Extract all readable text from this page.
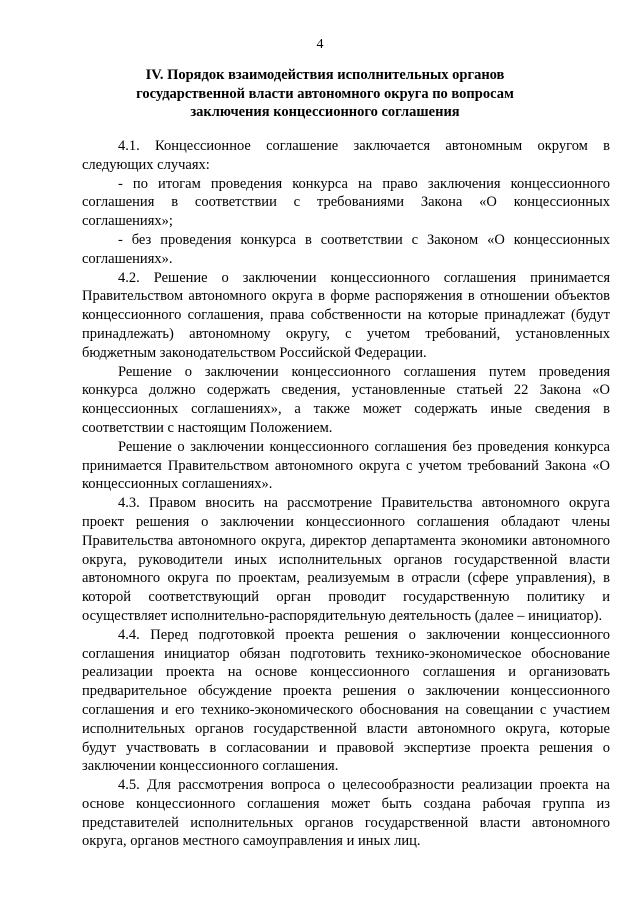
4
IV. Порядок взаимодействия исполнительных органов
государственной власти автономного округа по вопросам
заключения концессионного соглашения

4.1. Концессионное соглашение заключается автономным округом в следующих случаях:

- по итогам проведения конкурса на право заключения концессионного соглашения в соответствии с требованиями Закона «О концессионных соглашениях»;

- без проведения конкурса в соответствии с Законом «О концессионных соглашениях».

4.2. Решение о заключении концессионного соглашения принимается Правительством автономного округа в форме распоряжения в отношении объектов концессионного соглашения, права собственности на которые принадлежат (будут принадлежать) автономному округу, с учетом требований, установленных бюджетным законодательством Российской Федерации.

Решение о заключении концессионного соглашения путем проведения конкурса должно содержать сведения, установленные статьей 22 Закона «О концессионных соглашениях», а также может содержать иные сведения в соответствии с настоящим Положением.

Решение о заключении концессионного соглашения без проведения конкурса принимается Правительством автономного округа с учетом требований Закона «О концессионных соглашениях».

4.3. Правом вносить на рассмотрение Правительства автономного округа проект решения о заключении концессионного соглашения обладают члены Правительства автономного округа, директор департамента экономики автономного округа, руководители иных исполнительных органов государственной власти автономного округа по проектам, реализуемым в отрасли (сфере управления), в которой соответствующий орган проводит государственную политику и осуществляет исполнительно-распорядительную деятельность (далее – инициатор).

4.4. Перед подготовкой проекта решения о заключении концессионного соглашения инициатор обязан подготовить технико-экономическое обоснование реализации проекта на основе концессионного соглашения и организовать предварительное обсуждение проекта решения о заключении концессионного соглашения и его технико-экономического обоснования на совещании с участием исполнительных органов государственной власти автономного округа, которые будут участвовать в согласовании и правовой экспертизе проекта решения о заключении концессионного соглашения.

4.5. Для рассмотрения вопроса о целесообразности реализации проекта на основе концессионного соглашения может быть создана рабочая группа из представителей исполнительных органов государственной власти автономного округа, органов местного самоуправления и иных лиц.
